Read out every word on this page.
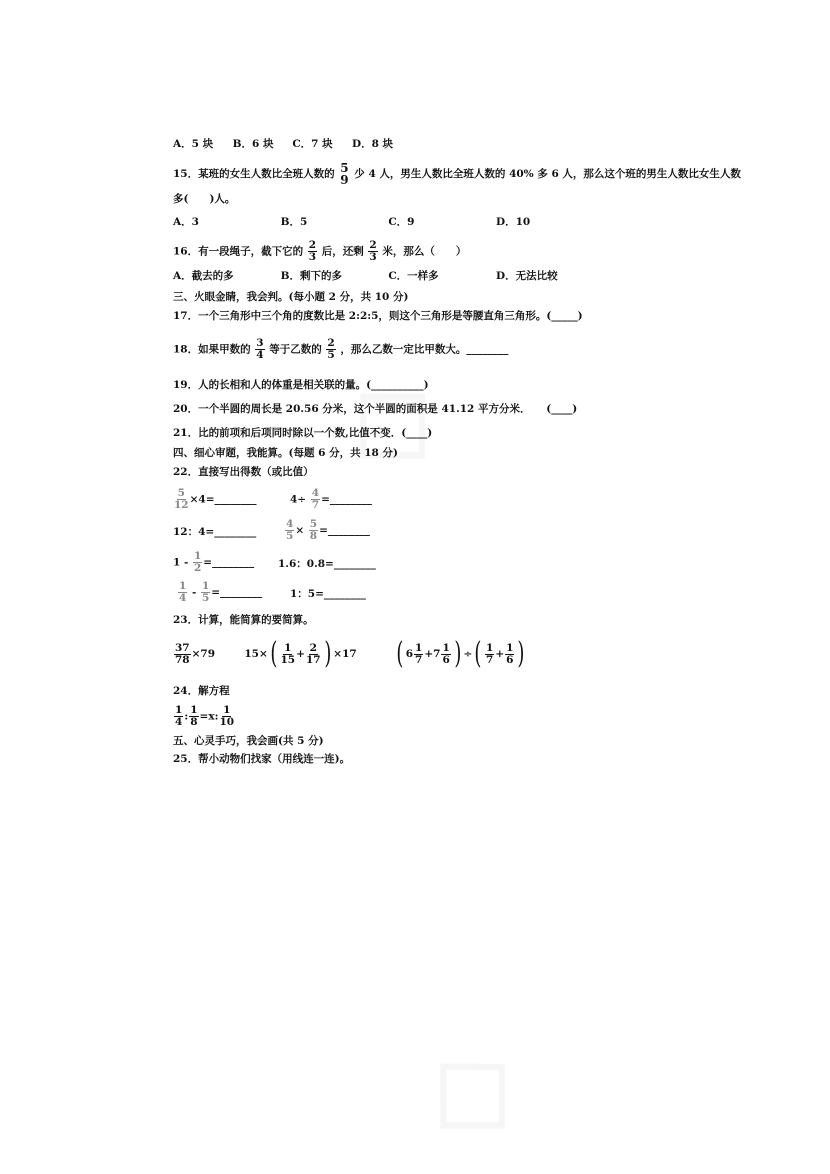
A．5 块 B．6 块 C．7 块 D．8 块
15．某班的女生人数比全班人数的 5
9 少 4 人，男生人数比全班人数的 40% 多 6 人，那么这个班的男生人数比女生人数
多(　　)人。
A．3	B．5	C．9	D．10
16．有一段绳子，截下它的 $\frac{2}{3}$ 后，还剩 $\frac{2}{3}$ 米，那么（　　）
A．截去的多	B．剩下的多	C．一样多	D．无法比较
三、火眼金睛，我会判。(每小题 2 分，共 10 分)
17．一个三角形中三个角的度数比是 2:2:5，则这个三角形是等腰直角三角形。(_____)
18．如果甲数的 $\frac{3}{4}$ 等于乙数的 $\frac{2}{5}$ ，那么乙数一定比甲数大。________
19．人的长相和人的体重是相关联的量。(__________)
20．一个半圆的周长是 20.56 分米，这个半圆的面积是 41.12 平方分米．　　(____)
21．比的前项和后项同时除以一个数,比值不变．(____)
四、细心审题，我能算。(每题 6 分，共 18 分)
22．直接写出得数（或比值）
$\frac{5}{12}$ ×4=________	$4\div \frac{4}{7}$ =________
12：4=________	$\frac{4}{5} \times \frac{5}{8}$ =________
$1 - \frac{1}{2}$ =________ 1.6：0.8=________
$\frac{1}{4} - \frac{1}{5}$ =________	1：5=________
23．计算，能简算的要简算。
$\frac{37}{78} \times 79$	$15\times( \frac{1}{15} + \frac{2}{17}$ ) ×17 ( $6 \frac{1}{7} +7 \frac{1}{6}$ ) ÷( $\frac{1}{7} + \frac{1}{6}$ )
24．解方程
$\frac{1}{4}$ : $\frac{1}{8} =x$: $\frac{1}{10}$
五、心灵手巧，我会画(共 5 分)
25．帮小动物们找家（用线连一连)。
